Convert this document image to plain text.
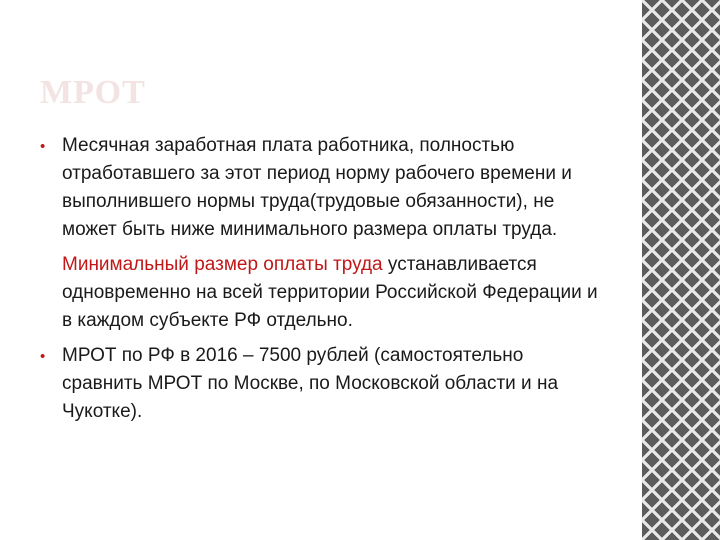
МРОТ
• Месячная заработная плата работника, полностью отработавшего за этот период норму рабочего времени и выполнившего нормы труда(трудовые обязанности), не может быть ниже минимального размера оплаты труда.
Минимальный размер оплаты труда устанавливается одновременно на всей территории Российской Федерации и в каждом субъекте РФ отдельно.
• МРОТ по РФ в 2016 – 7500 рублей (самостоятельно сравнить МРОТ по Москве, по Московской области и на Чукотке).
